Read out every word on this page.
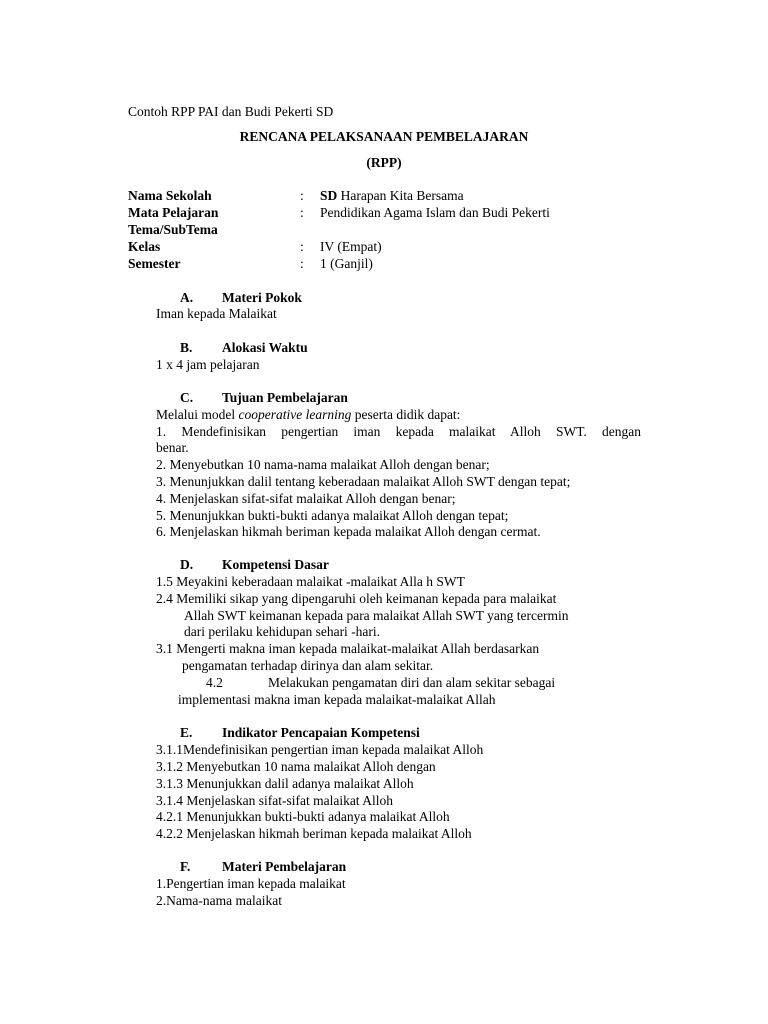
Contoh RPP PAI dan Budi Pekerti SD
RENCANA PELAKSANAAN PEMBELAJARAN
(RPP)
Nama Sekolah	: SD Harapan Kita Bersama
Mata Pelajaran	: Pendidikan Agama Islam dan Budi Pekerti
Tema/SubTema
Kelas	: IV (Empat)
Semester	: 1 (Ganjil)
A. Materi Pokok
Iman kepada Malaikat
B. Alokasi Waktu
1 x 4 jam pelajaran
C. Tujuan Pembelajaran
Melalui model cooperative learning peserta didik dapat:
1. Mendefinisikan pengertian iman kepada malaikat Alloh SWT. dengan
benar.
2. Menyebutkan 10 nama-nama malaikat Alloh dengan benar;
3. Menunjukkan dalil tentang keberadaan malaikat Alloh SWT dengan tepat;
4. Menjelaskan sifat-sifat malaikat Alloh dengan benar;
5. Menunjukkan bukti-bukti adanya malaikat Alloh dengan tepat;
6. Menjelaskan hikmah beriman kepada malaikat Alloh dengan cermat.
D. Kompetensi Dasar
1.5 Meyakini keberadaan malaikat -malaikat Alla h SWT
2.4 Memiliki sikap yang dipengaruhi oleh keimanan kepada para malaikat
Allah SWT keimanan kepada para malaikat Allah SWT yang tercermin
dari perilaku kehidupan sehari -hari.
3.1 Mengerti makna iman kepada malaikat-malaikat Allah berdasarkan
pengamatan terhadap dirinya dan alam sekitar.
4.2	Melakukan pengamatan diri dan alam sekitar sebagai
implementasi makna iman kepada malaikat-malaikat Allah
E. Indikator Pencapaian Kompetensi
3.1.1Mendefinisikan pengertian iman kepada malaikat Alloh
3.1.2 Menyebutkan 10 nama malaikat Alloh dengan
3.1.3 Menunjukkan dalil adanya malaikat Alloh
3.1.4 Menjelaskan sifat-sifat malaikat Alloh
4.2.1 Menunjukkan bukti-bukti adanya malaikat Alloh
4.2.2 Menjelaskan hikmah beriman kepada malaikat Alloh
F. Materi Pembelajaran
1.Pengertian iman kepada malaikat
2.Nama-nama malaikat
